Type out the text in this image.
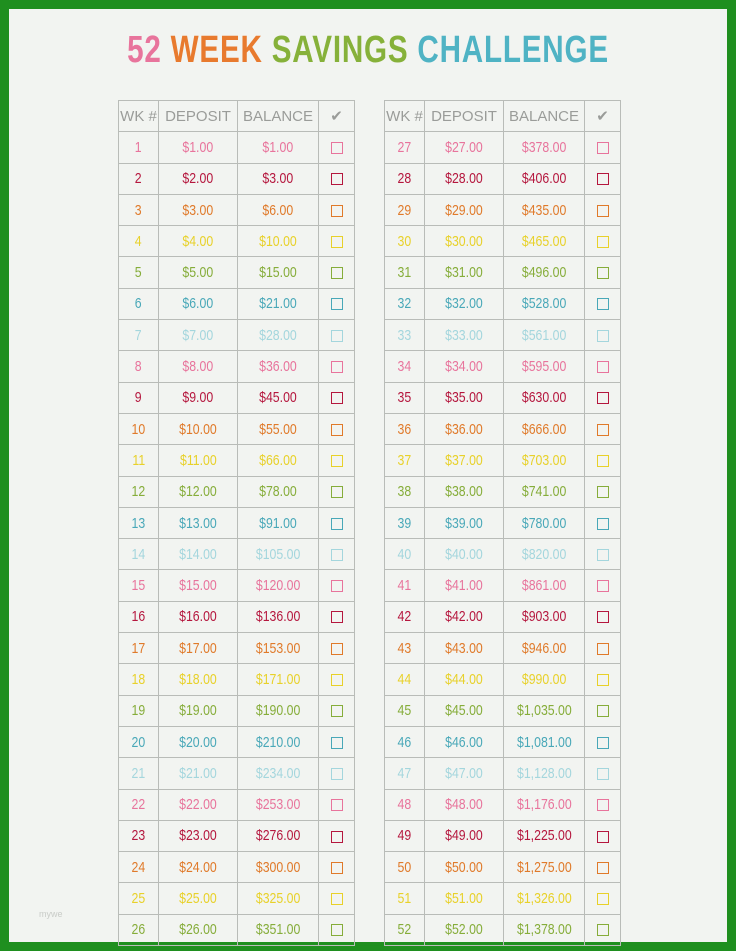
52 WEEK SAVINGS CHALLENGE
WK #	DEPOSIT	BALANCE	✔
1	$1.00	$1.00	
2	$2.00	$3.00	
3	$3.00	$6.00	
4	$4.00	$10.00	
5	$5.00	$15.00	
6	$6.00	$21.00	
7	$7.00	$28.00	
8	$8.00	$36.00	
9	$9.00	$45.00	
10	$10.00	$55.00	
11	$11.00	$66.00	
12	$12.00	$78.00	
13	$13.00	$91.00	
14	$14.00	$105.00	
15	$15.00	$120.00	
16	$16.00	$136.00	
17	$17.00	$153.00	
18	$18.00	$171.00	
19	$19.00	$190.00	
20	$20.00	$210.00	
21	$21.00	$234.00	
22	$22.00	$253.00	
23	$23.00	$276.00	
24	$24.00	$300.00	
25	$25.00	$325.00	
26	$26.00	$351.00	
WK #	DEPOSIT	BALANCE	✔
27	$27.00	$378.00	
28	$28.00	$406.00	
29	$29.00	$435.00	
30	$30.00	$465.00	
31	$31.00	$496.00	
32	$32.00	$528.00	
33	$33.00	$561.00	
34	$34.00	$595.00	
35	$35.00	$630.00	
36	$36.00	$666.00	
37	$37.00	$703.00	
38	$38.00	$741.00	
39	$39.00	$780.00	
40	$40.00	$820.00	
41	$41.00	$861.00	
42	$42.00	$903.00	
43	$43.00	$946.00	
44	$44.00	$990.00	
45	$45.00	$1,035.00	
46	$46.00	$1,081.00	
47	$47.00	$1,128.00	
48	$48.00	$1,176.00	
49	$49.00	$1,225.00	
50	$50.00	$1,275.00	
51	$51.00	$1,326.00	
52	$52.00	$1,378.00	
mywe
